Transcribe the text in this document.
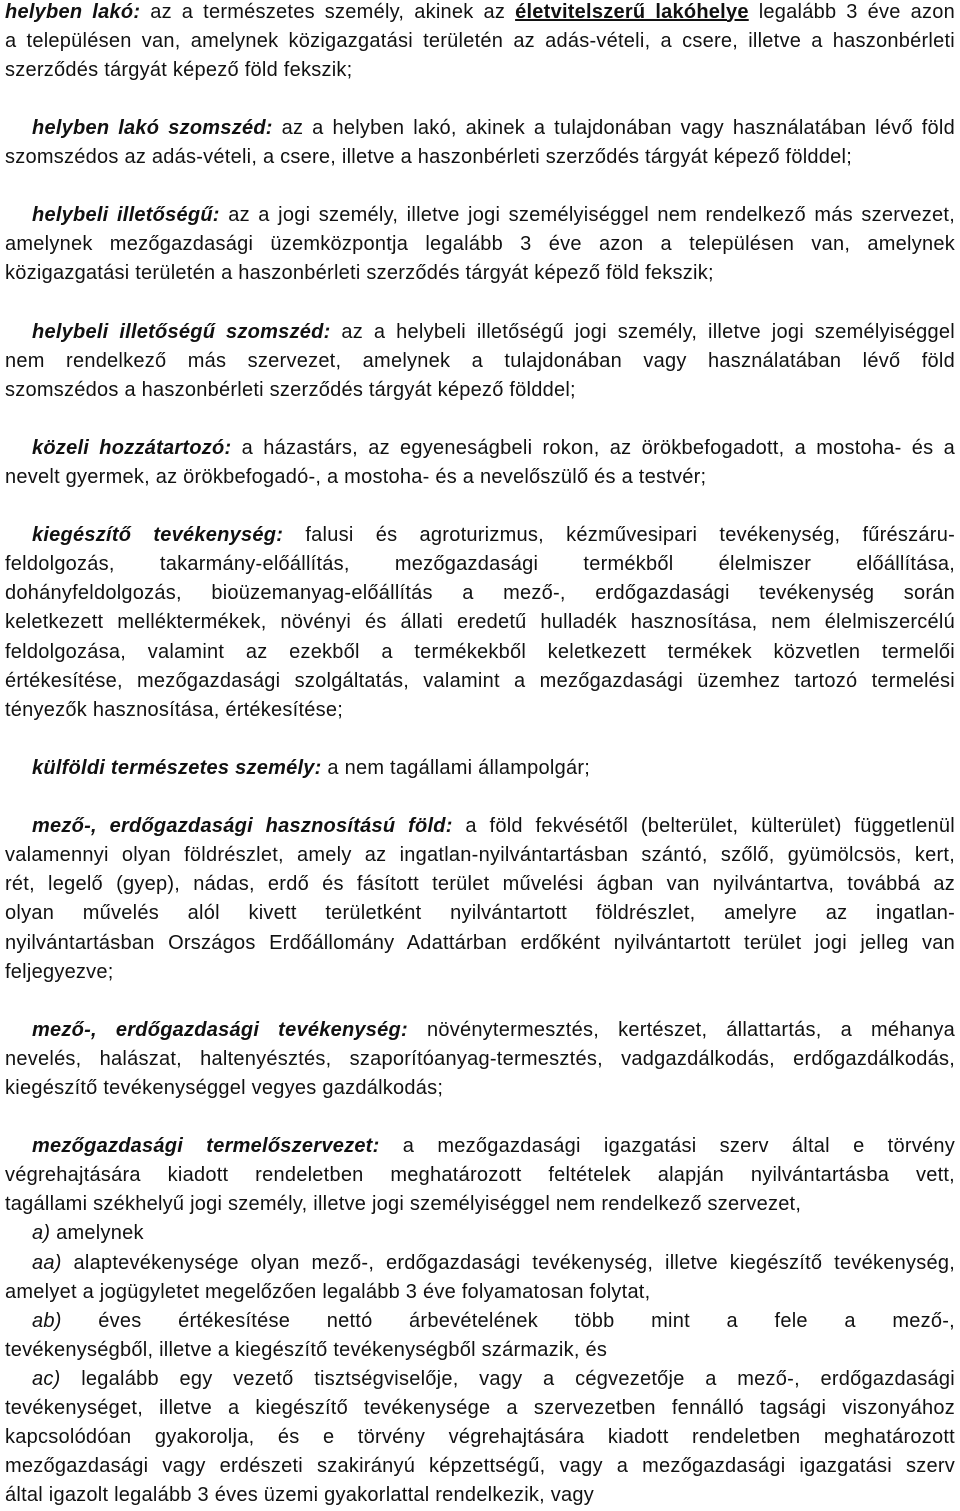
helyben lakó: az a természetes személy, akinek az életvitelszerű lakóhelye legalább 3 éve azon
a településen van, amelynek közigazgatási területén az adás-vételi, a csere, illetve a haszonbérleti
szerződés tárgyát képező föld fekszik;
helyben lakó szomszéd: az a helyben lakó, akinek a tulajdonában vagy használatában lévő föld
szomszédos az adás-vételi, a csere, illetve a haszonbérleti szerződés tárgyát képező földdel;
helybeli illetőségű: az a jogi személy, illetve jogi személyiséggel nem rendelkező más szervezet,
amelynek mezőgazdasági üzemközpontja legalább 3 éve azon a településen van, amelynek
közigazgatási területén a haszonbérleti szerződés tárgyát képező föld fekszik;
helybeli illetőségű szomszéd: az a helybeli illetőségű jogi személy, illetve jogi személyiséggel
nem rendelkező más szervezet, amelynek a tulajdonában vagy használatában lévő föld
szomszédos a haszonbérleti szerződés tárgyát képező földdel;
közeli hozzátartozó: a házastárs, az egyeneságbeli rokon, az örökbefogadott, a mostoha- és a
nevelt gyermek, az örökbefogadó-, a mostoha- és a nevelőszülő és a testvér;
kiegészítő tevékenység: falusi és agroturizmus, kézművesipari tevékenység, fűrészáru-
feldolgozás, takarmány-előállítás, mezőgazdasági termékből élelmiszer előállítása,
dohányfeldolgozás, bioüzemanyag-előállítás a mező-, erdőgazdasági tevékenység során
keletkezett melléktermékek, növényi és állati eredetű hulladék hasznosítása, nem élelmiszercélú
feldolgozása, valamint az ezekből a termékekből keletkezett termékek közvetlen termelői
értékesítése, mezőgazdasági szolgáltatás, valamint a mezőgazdasági üzemhez tartozó termelési
tényezők hasznosítása, értékesítése;
külföldi természetes személy: a nem tagállami állampolgár;
mező-, erdőgazdasági hasznosítású föld: a föld fekvésétől (belterület, külterület) függetlenül
valamennyi olyan földrészlet, amely az ingatlan-nyilvántartásban szántó, szőlő, gyümölcsös, kert,
rét, legelő (gyep), nádas, erdő és fásított terület művelési ágban van nyilvántartva, továbbá az
olyan művelés alól kivett területként nyilvántartott földrészlet, amelyre az ingatlan-
nyilvántartásban Országos Erdőállomány Adattárban erdőként nyilvántartott terület jogi jelleg van
feljegyezve;
mező-, erdőgazdasági tevékenység: növénytermesztés, kertészet, állattartás, a méhanya
nevelés, halászat, haltenyésztés, szaporítóanyag-termesztés, vadgazdálkodás, erdőgazdálkodás,
kiegészítő tevékenységgel vegyes gazdálkodás;
mezőgazdasági termelőszervezet: a mezőgazdasági igazgatási szerv által e törvény
végrehajtására kiadott rendeletben meghatározott feltételek alapján nyilvántartásba vett,
tagállami székhelyű jogi személy, illetve jogi személyiséggel nem rendelkező szervezet,
a) amelynek
aa) alaptevékenysége olyan mező-, erdőgazdasági tevékenység, illetve kiegészítő tevékenység,
amelyet a jogügyletet megelőzően legalább 3 éve folyamatosan folytat,
ab) éves értékesítése nettó árbevételének több mint a fele a mező-,
tevékenységből, illetve a kiegészítő tevékenységből származik, és
ac) legalább egy vezető tisztségviselője, vagy a cégvezetője a mező-, erdőgazdasági
tevékenységet, illetve a kiegészítő tevékenysége a szervezetben fennálló tagsági viszonyához
kapcsolódóan gyakorolja, és e törvény végrehajtására kiadott rendeletben meghatározott
mezőgazdasági vagy erdészeti szakirányú képzettségű, vagy a mezőgazdasági igazgatási szerv
által igazolt legalább 3 éves üzemi gyakorlattal rendelkezik, vagy
